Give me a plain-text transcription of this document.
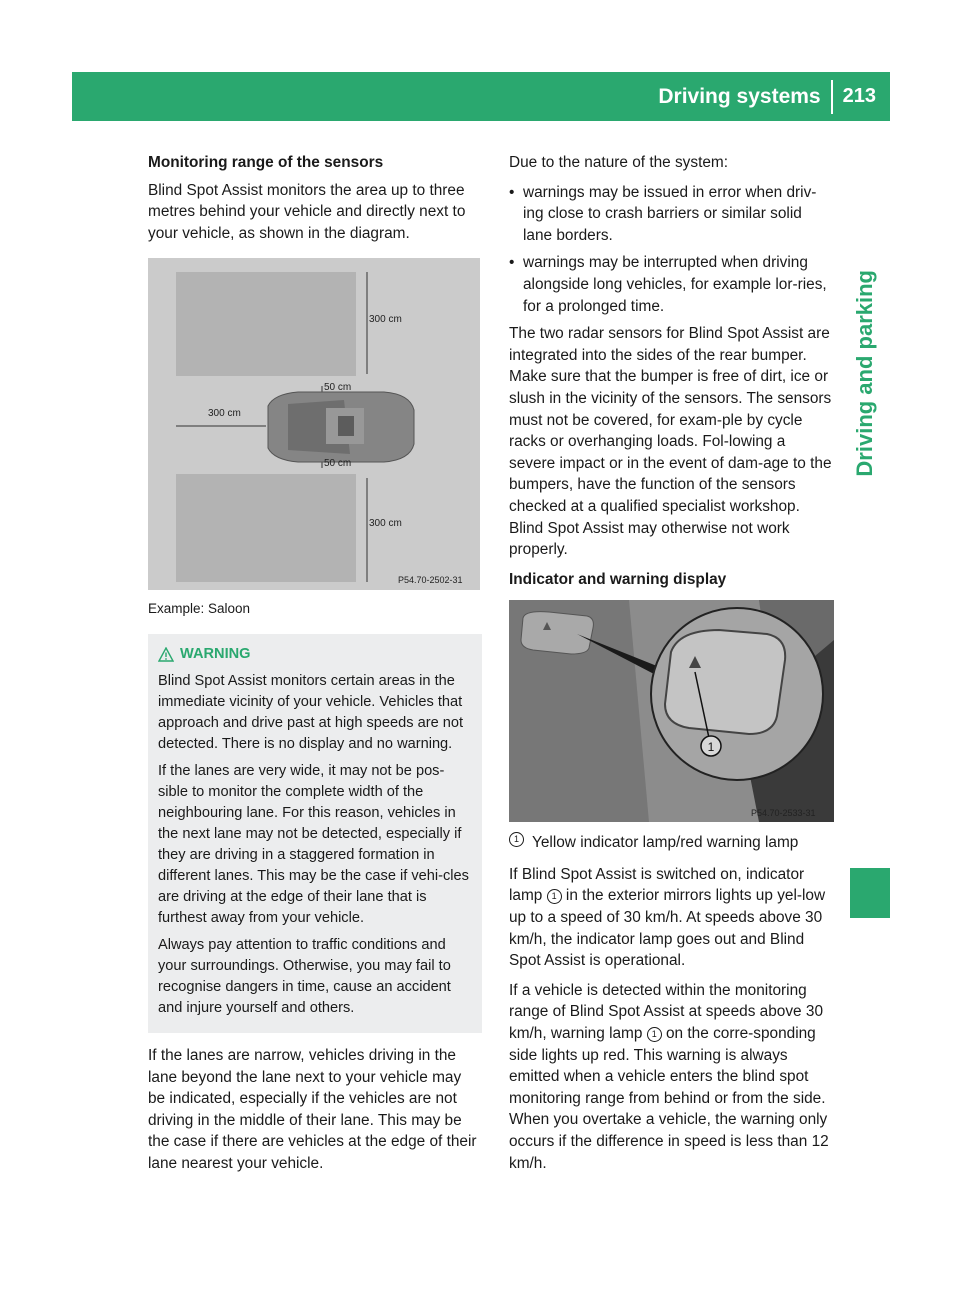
Driving systems	213
Driving and parking
Monitoring range of the sensors

Blind Spot Assist monitors the area up to three metres behind your vehicle and directly next to your vehicle, as shown in the diagram.

300 cm
300 cm
50 cm
50 cm
300 cm
P54.70-2502-31
Example: Saloon
WARNING

Blind Spot Assist monitors certain areas in the immediate vicinity of your vehicle. Vehicles that approach and drive past at high speeds are not detected. There is no display and no warning.

If the lanes are very wide, it may not be pos-sible to monitor the complete width of the neighbouring lane. For this reason, vehicles in the next lane may not be detected, especially if they are driving in a staggered formation in different lanes. This may be the case if vehi-cles are driving at the edge of their lane that is furthest away from your vehicle.

Always pay attention to traffic conditions and your surroundings. Otherwise, you may fail to recognise dangers in time, cause an accident and injure yourself and others.

If the lanes are narrow, vehicles driving in the lane beyond the lane next to your vehicle may be indicated, especially if the vehicles are not driving in the middle of their lane. This may be the case if there are vehicles at the edge of their lane nearest your vehicle.

Due to the nature of the system:

• warnings may be issued in error when driv-ing close to crash barriers or similar solid lane borders.
• warnings may be interrupted when driving alongside long vehicles, for example lor-ries, for a prolonged time.

The two radar sensors for Blind Spot Assist are integrated into the sides of the rear bumper. Make sure that the bumper is free of dirt, ice or slush in the vicinity of the sensors. The sensors must not be covered, for exam-ple by cycle racks or overhanging loads. Fol-lowing a severe impact or in the event of dam-age to the bumpers, have the function of the sensors checked at a qualified specialist workshop. Blind Spot Assist may otherwise not work properly.

Indicator and warning display
1
P54.70-2533-31
1 Yellow indicator lamp/red warning lamp

If Blind Spot Assist is switched on, indicator lamp 1 in the exterior mirrors lights up yel-low up to a speed of 30 km/h. At speeds above 30 km/h, the indicator lamp goes out and Blind Spot Assist is operational.

If a vehicle is detected within the monitoring range of Blind Spot Assist at speeds above 30 km/h, warning lamp 1 on the corre-sponding side lights up red. This warning is always emitted when a vehicle enters the blind spot monitoring range from behind or from the side. When you overtake a vehicle, the warning only occurs if the difference in speed is less than 12 km/h.
